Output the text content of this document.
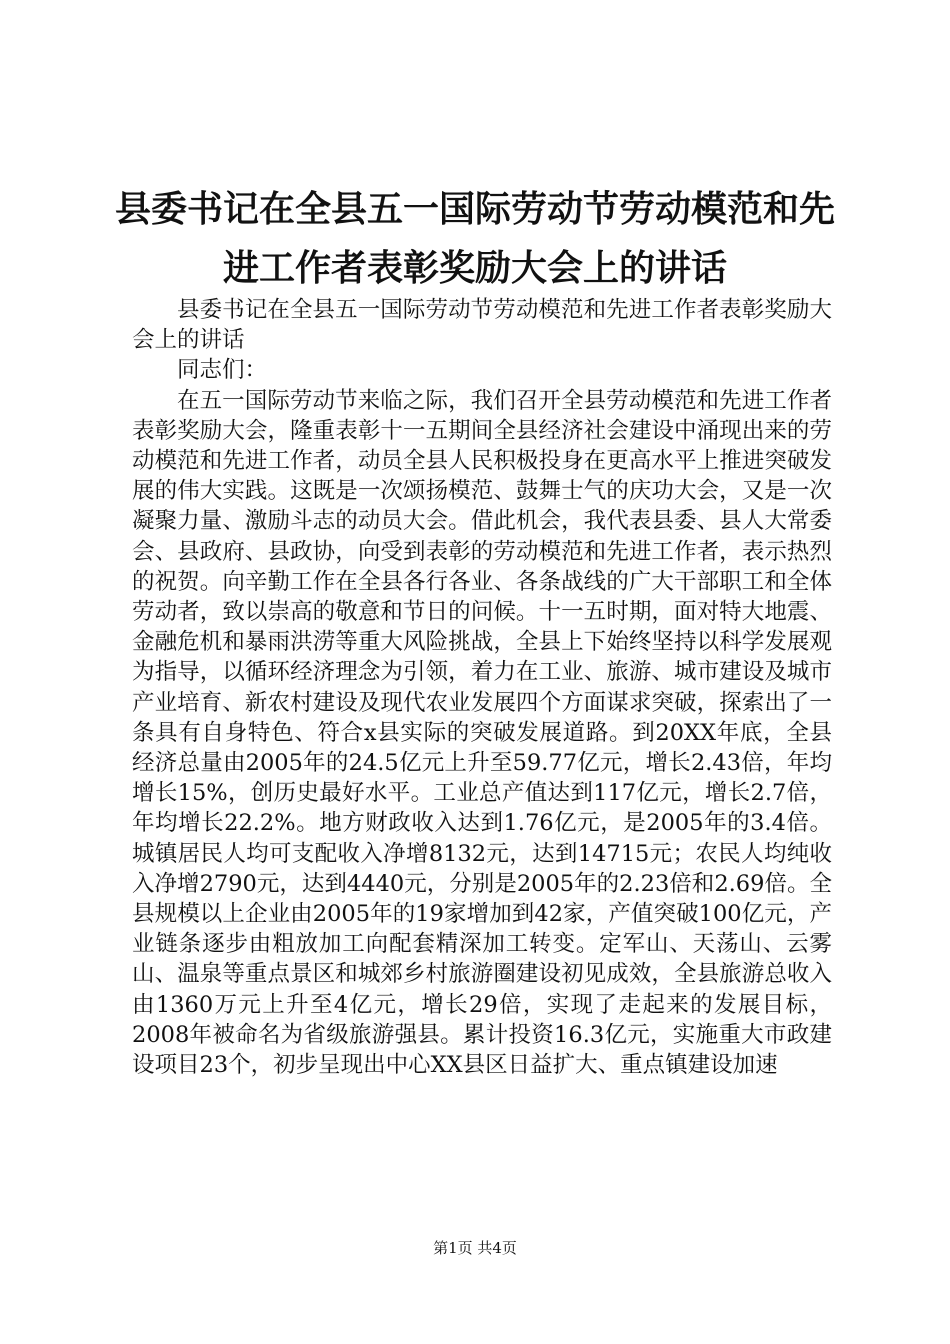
县委书记在全县五一国际劳动节劳动模范和先进工作者表彰奖励大会上的讲话

县委书记在全县五一国际劳动节劳动模范和先进工作者表彰奖励大会上的讲话

同志们：

在五一国际劳动节来临之际，我们召开全县劳动模范和先进工作者表彰奖励大会，隆重表彰十一五期间全县经济社会建设中涌现出来的劳动模范和先进工作者，动员全县人民积极投身在更高水平上推进突破发展的伟大实践。这既是一次颂扬模范、鼓舞士气的庆功大会，又是一次凝聚力量、激励斗志的动员大会。借此机会，我代表县委、县人大常委会、县政府、县政协，向受到表彰的劳动模范和先进工作者，表示热烈的祝贺。向辛勤工作在全县各行各业、各条战线的广大干部职工和全体劳动者，致以崇高的敬意和节日的问候。十一五时期，面对特大地震、金融危机和暴雨洪涝等重大风险挑战，全县上下始终坚持以科学发展观为指导，以循环经济理念为引领，着力在工业、旅游、城市建设及城市产业培育、新农村建设及现代农业发展四个方面谋求突破，探索出了一条具有自身特色、符合x县实际的突破发展道路。到20XX年底，全县经济总量由2005年的24.5亿元上升至59.77亿元，增长2.43倍，年均增长15%，创历史最好水平。工业总产值达到117亿元，增长2.7倍，年均增长22.2%。地方财政收入达到1.76亿元，是2005年的3.4倍。城镇居民人均可支配收入净增8132元，达到14715元；农民人均纯收入净增2790元，达到4440元，分别是2005年的2.23倍和2.69倍。全县规模以上企业由2005年的19家增加到42家，产值突破100亿元，产业链条逐步由粗放加工向配套精深加工转变。定军山、天荡山、云雾山、温泉等重点景区和城郊乡村旅游圈建设初见成效，全县旅游总收入由1360万元上升至4亿元，增长29倍，实现了走起来的发展目标，2008年被命名为省级旅游强县。累计投资16.3亿元，实施重大市政建设项目23个，初步呈现出中心XX县区日益扩大、重点镇建设加速

第1页 共4页
